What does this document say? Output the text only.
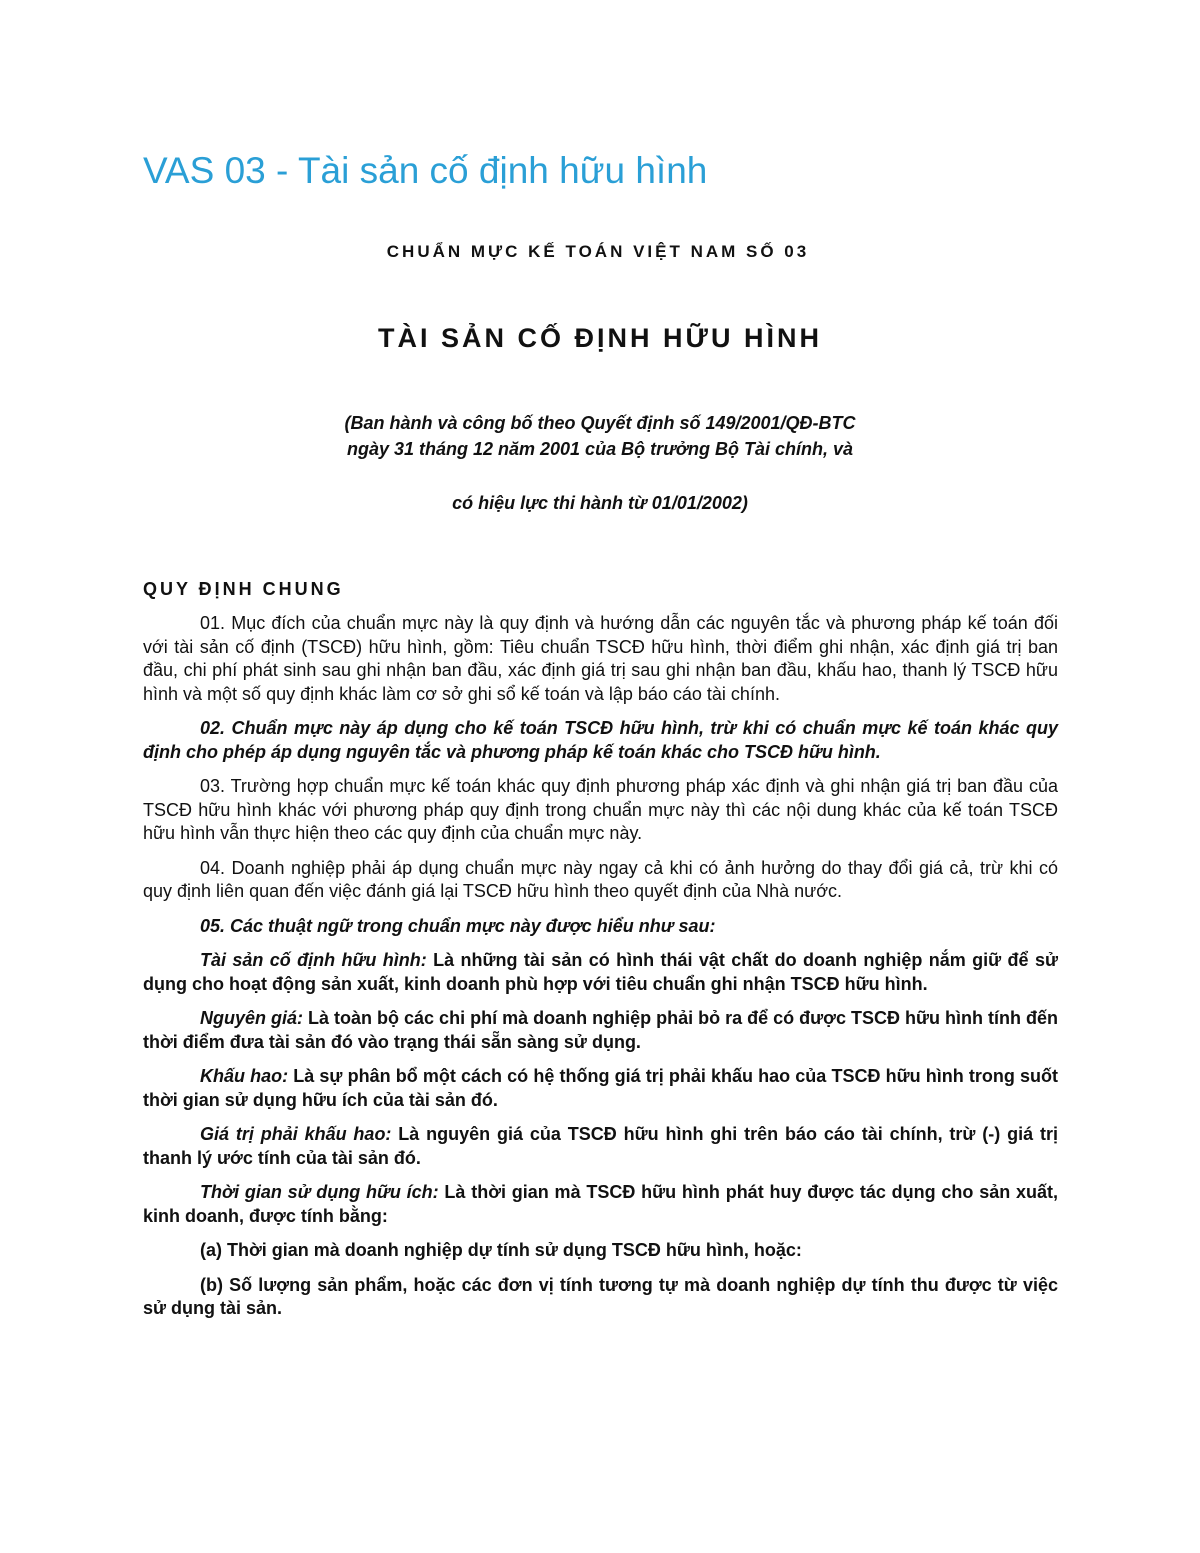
VAS 03 - Tài sản cố định hữu hình
CHUẨN MỰC KẾ TOÁN VIỆT NAM SỐ 03
TÀI SẢN CỐ ĐỊNH HỮU HÌNH
(Ban hành và công bố theo Quyết định số 149/2001/QĐ-BTC
ngày 31 tháng 12 năm 2001 của Bộ trưởng Bộ Tài chính, và
có hiệu lực thi hành từ 01/01/2002)
QUY ĐỊNH CHUNG

01. Mục đích của chuẩn mực này là quy định và hướng dẫn các nguyên tắc và phương pháp kế toán đối với tài sản cố định (TSCĐ) hữu hình, gồm: Tiêu chuẩn TSCĐ hữu hình, thời điểm ghi nhận, xác định giá trị ban đầu, chi phí phát sinh sau ghi nhận ban đầu, xác định giá trị sau ghi nhận ban đầu, khấu hao, thanh lý TSCĐ hữu hình và một số quy định khác làm cơ sở ghi sổ kế toán và lập báo cáo tài chính.

02. Chuẩn mực này áp dụng cho kế toán TSCĐ hữu hình, trừ khi có chuẩn mực kế toán khác quy định cho phép áp dụng nguyên tắc và phương pháp kế toán khác cho TSCĐ hữu hình.

03. Trường hợp chuẩn mực kế toán khác quy định phương pháp xác định và ghi nhận giá trị ban đầu của TSCĐ hữu hình khác với phương pháp quy định trong chuẩn mực này thì các nội dung khác của kế toán TSCĐ hữu hình vẫn thực hiện theo các quy định của chuẩn mực này.

04. Doanh nghiệp phải áp dụng chuẩn mực này ngay cả khi có ảnh hưởng do thay đổi giá cả, trừ khi có quy định liên quan đến việc đánh giá lại TSCĐ hữu hình theo quyết định của Nhà nước.

05. Các thuật ngữ trong chuẩn mực này được hiểu như sau:

Tài sản cố định hữu hình: Là những tài sản có hình thái vật chất do doanh nghiệp nắm giữ để sử dụng cho hoạt động sản xuất, kinh doanh phù hợp với tiêu chuẩn ghi nhận TSCĐ hữu hình.

Nguyên giá: Là toàn bộ các chi phí mà doanh nghiệp phải bỏ ra để có được TSCĐ hữu hình tính đến thời điểm đưa tài sản đó vào trạng thái sẵn sàng sử dụng.

Khấu hao: Là sự phân bổ một cách có hệ thống giá trị phải khấu hao của TSCĐ hữu hình trong suốt thời gian sử dụng hữu ích của tài sản đó.

Giá trị phải khấu hao: Là nguyên giá của TSCĐ hữu hình ghi trên báo cáo tài chính, trừ (-) giá trị thanh lý ước tính của tài sản đó.

Thời gian sử dụng hữu ích: Là thời gian mà TSCĐ hữu hình phát huy được tác dụng cho sản xuất, kinh doanh, được tính bằng:

(a) Thời gian mà doanh nghiệp dự tính sử dụng TSCĐ hữu hình, hoặc:

(b) Số lượng sản phẩm, hoặc các đơn vị tính tương tự mà doanh nghiệp dự tính thu được từ việc sử dụng tài sản.
